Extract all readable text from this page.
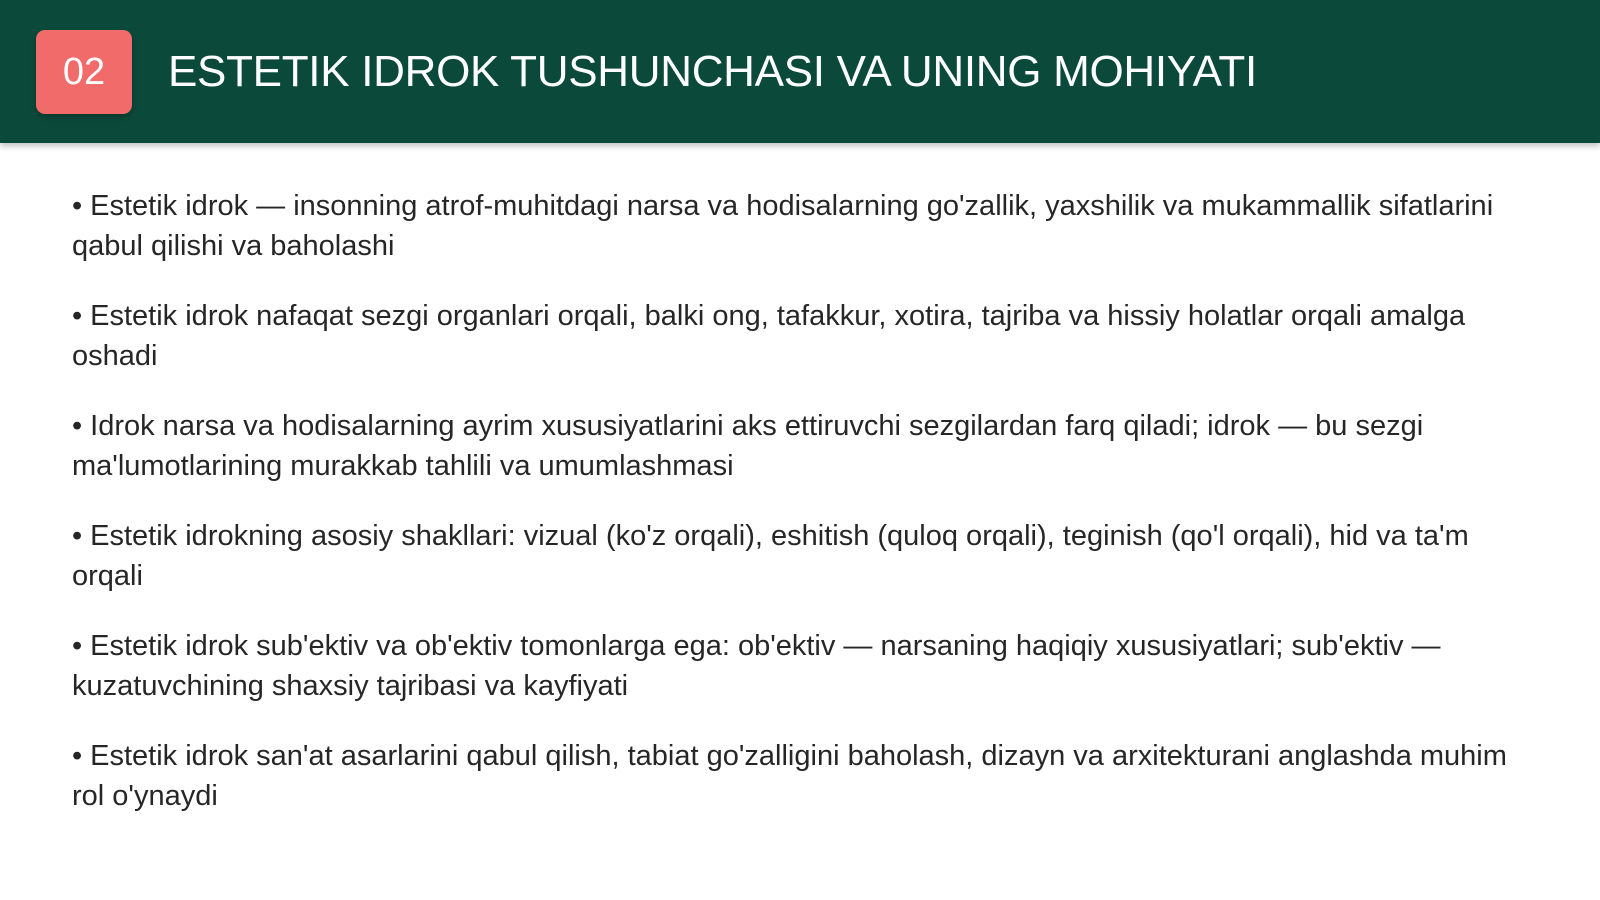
02	ESTETIK IDROK TUSHUNCHASI VA UNING MOHIYATI

• Estetik idrok — insonning atrof-muhitdagi narsa va hodisalarning go'zallik, yaxshilik va mukammallik sifatlarini qabul qilishi va baholashi

• Estetik idrok nafaqat sezgi organlari orqali, balki ong, tafakkur, xotira, tajriba va hissiy holatlar orqali amalga oshadi

• Idrok narsa va hodisalarning ayrim xususiyatlarini aks ettiruvchi sezgilardan farq qiladi; idrok — bu sezgi ma'lumotlarining murakkab tahlili va umumlashmasi

• Estetik idrokning asosiy shakllari: vizual (ko'z orqali), eshitish (quloq orqali), teginish (qo'l orqali), hid va ta'm orqali

• Estetik idrok sub'ektiv va ob'ektiv tomonlarga ega: ob'ektiv — narsaning haqiqiy xususiyatlari; sub'ektiv — kuzatuvchining shaxsiy tajribasi va kayfiyati

• Estetik idrok san'at asarlarini qabul qilish, tabiat go'zalligini baholash, dizayn va arxitekturani anglashda muhim rol o'ynaydi
